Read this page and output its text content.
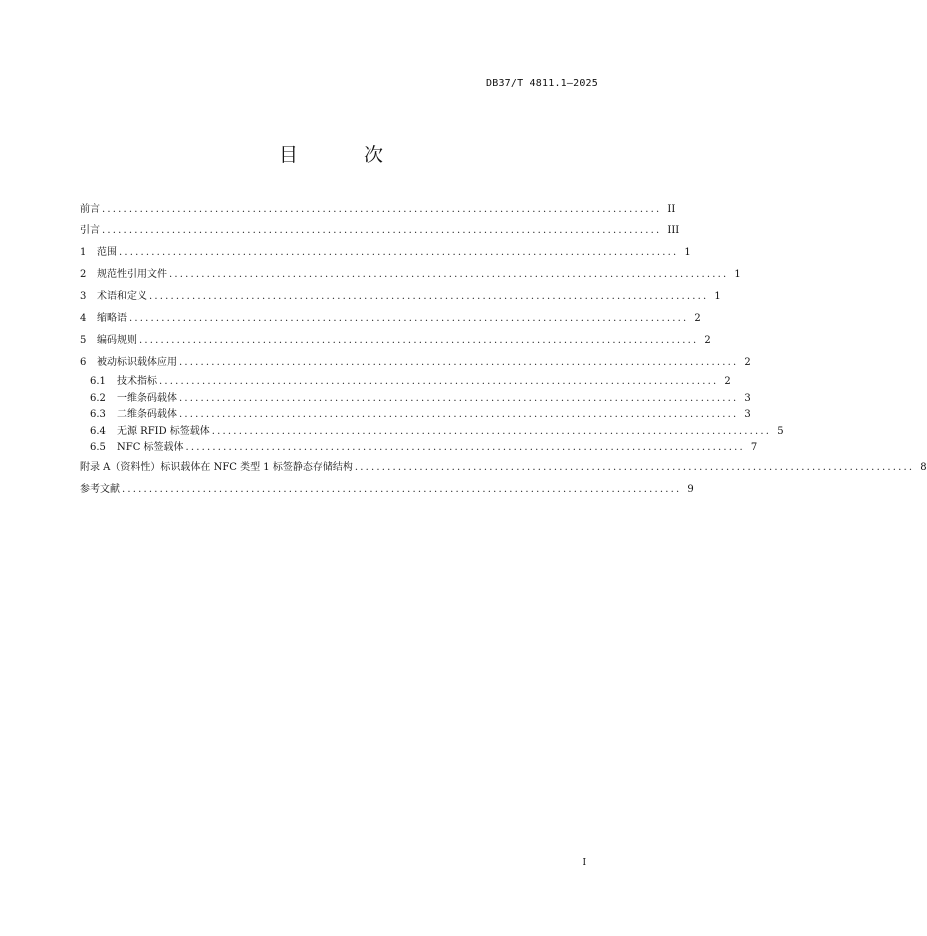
DB37/T 4811.1—2025
目 次
前言 ........................................................................................................ II
引言 ........................................................................................................ III
1	范围 ........................................................................................................ 1
2	规范性引用文件 ........................................................................................................ 1
3	术语和定义 ........................................................................................................ 1
4	缩略语 ........................................................................................................ 2
5	编码规则 ........................................................................................................ 2
6	被动标识载体应用 ........................................................................................................ 2
6.1	技术指标 ........................................................................................................ 2
6.2	一维条码载体 ........................................................................................................ 3
6.3	二维条码载体 ........................................................................................................ 3
6.4	无源 RFID 标签载体 ........................................................................................................ 5
6.5	NFC 标签载体 ........................................................................................................ 7
附录 A（资料性） 标识载体在 NFC 类型 1 标签静态存储结构 ........................................................................................................ 8
参考文献 ........................................................................................................ 9
I
